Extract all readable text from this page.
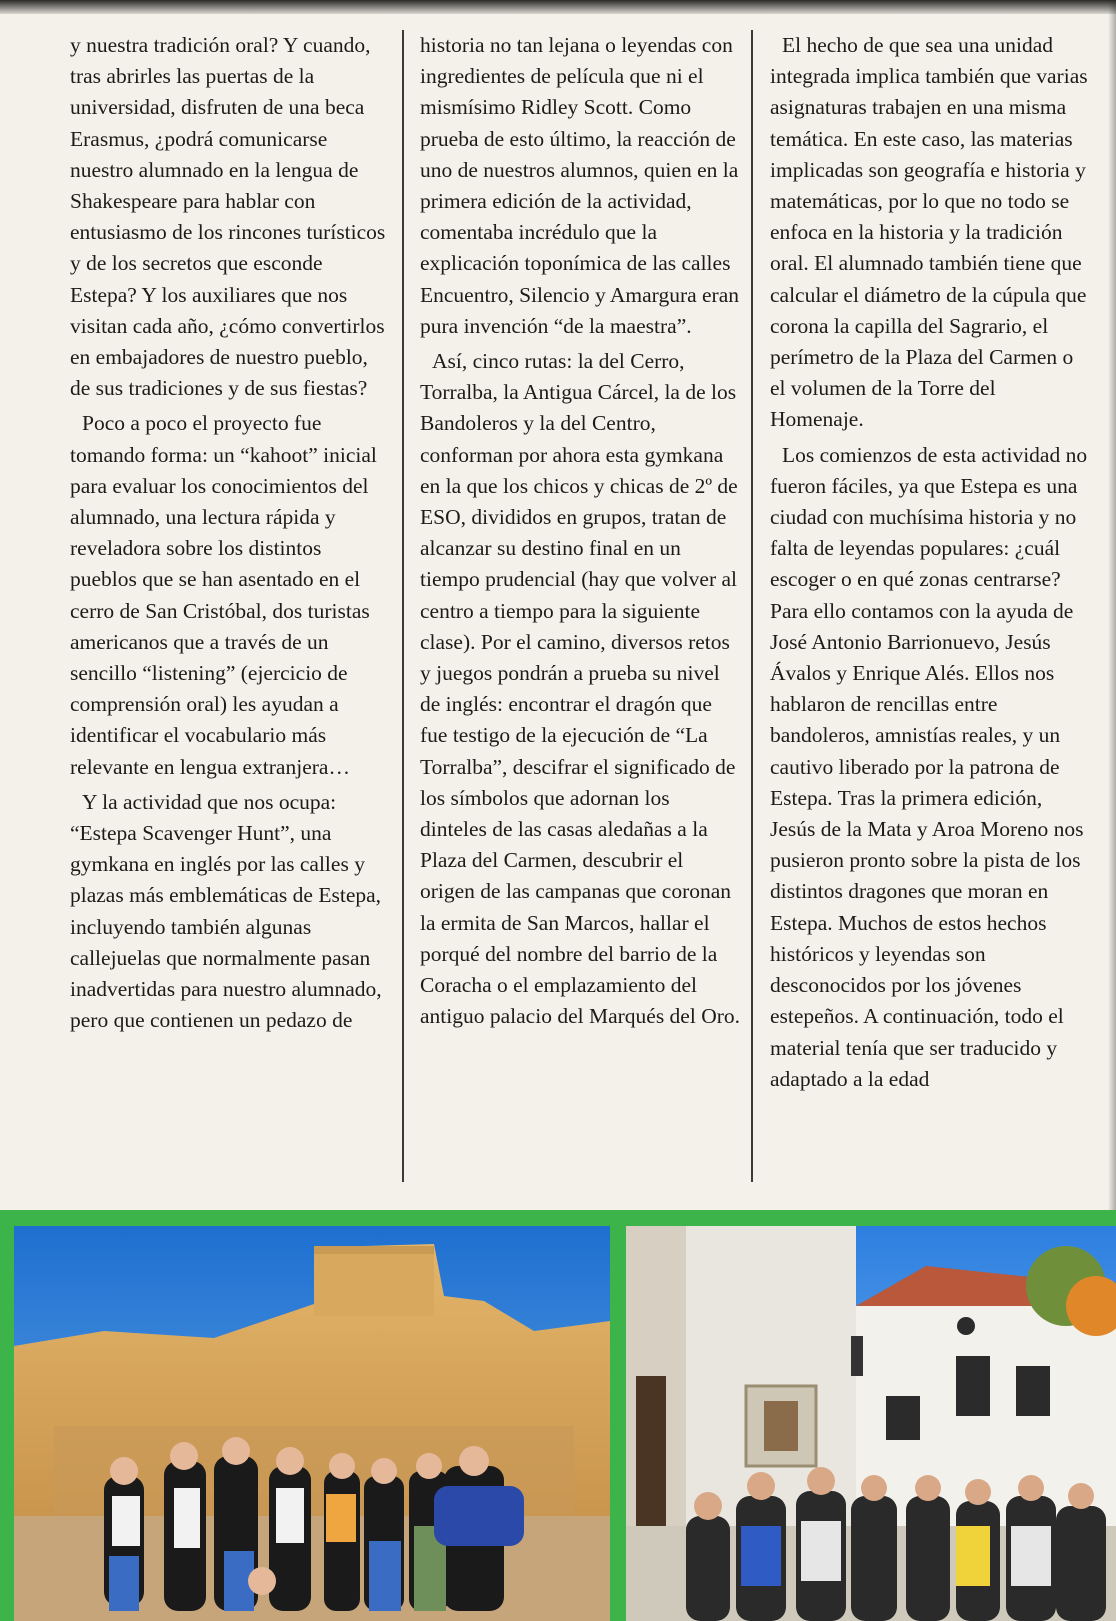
y nuestra tradición oral? Y cuando, tras abrirles las puertas de la universidad, disfruten de una beca Erasmus, ¿podrá comunicarse nuestro alumnado en la lengua de Shakespeare para hablar con entusiasmo de los rincones turísticos y de los secretos que esconde Estepa? Y los auxiliares que nos visitan cada año, ¿cómo convertirlos en embajadores de nuestro pueblo, de sus tradiciones y de sus fiestas?

Poco a poco el proyecto fue tomando forma: un “kahoot” inicial para evaluar los conocimientos del alumnado, una lectura rápida y reveladora sobre los distintos pueblos que se han asentado en el cerro de San Cristóbal, dos turistas americanos que a través de un sencillo “listening” (ejercicio de comprensión oral) les ayudan a identificar el vocabulario más relevante en lengua extranjera…

Y la actividad que nos ocupa: “Estepa Scavenger Hunt”, una gymkana en inglés por las calles y plazas más emblemáticas de Estepa, incluyendo también algunas callejuelas que normalmente pasan inadvertidas para nuestro alumnado, pero que contienen un pedazo de

historia no tan lejana o leyendas con ingredientes de película que ni el mismísimo Ridley Scott. Como prueba de esto último, la reacción de uno de nuestros alumnos, quien en la primera edición de la actividad, comentaba incrédulo que la explicación toponímica de las calles Encuentro, Silencio y Amargura eran pura invención “de la maestra”.

Así, cinco rutas: la del Cerro, Torralba, la Antigua Cárcel, la de los Bandoleros y la del Centro, conforman por ahora esta gymkana en la que los chicos y chicas de 2º de ESO, divididos en grupos, tratan de alcanzar su destino final en un tiempo prudencial (hay que volver al centro a tiempo para la siguiente clase). Por el camino, diversos retos y juegos pondrán a prueba su nivel de inglés: encontrar el dragón que fue testigo de la ejecución de “La Torralba”, descifrar el significado de los símbolos que adornan los dinteles de las casas aledañas a la Plaza del Carmen, descubrir el origen de las campanas que coronan la ermita de San Marcos, hallar el porqué del nombre del barrio de la Coracha o el emplazamiento del antiguo palacio del Marqués del Oro.

El hecho de que sea una unidad integrada implica también que varias asignaturas trabajen en una misma temática. En este caso, las materias implicadas son geografía e historia y matemáticas, por lo que no todo se enfoca en la historia y la tradición oral. El alumnado también tiene que calcular el diámetro de la cúpula que corona la capilla del Sagrario, el perímetro de la Plaza del Carmen o el volumen de la Torre del Homenaje.

Los comienzos de esta actividad no fueron fáciles, ya que Estepa es una ciudad con muchísima historia y no falta de leyendas populares: ¿cuál escoger o en qué zonas centrarse? Para ello contamos con la ayuda de José Antonio Barrionuevo, Jesús Ávalos y Enrique Alés. Ellos nos hablaron de rencillas entre bandoleros, amnistías reales, y un cautivo liberado por la patrona de Estepa. Tras la primera edición, Jesús de la Mata y Aroa Moreno nos pusieron pronto sobre la pista de los distintos dragones que moran en Estepa. Muchos de estos hechos históricos y leyendas son desconocidos por los jóvenes estepeños. A continuación, todo el material tenía que ser traducido y adaptado a la edad
